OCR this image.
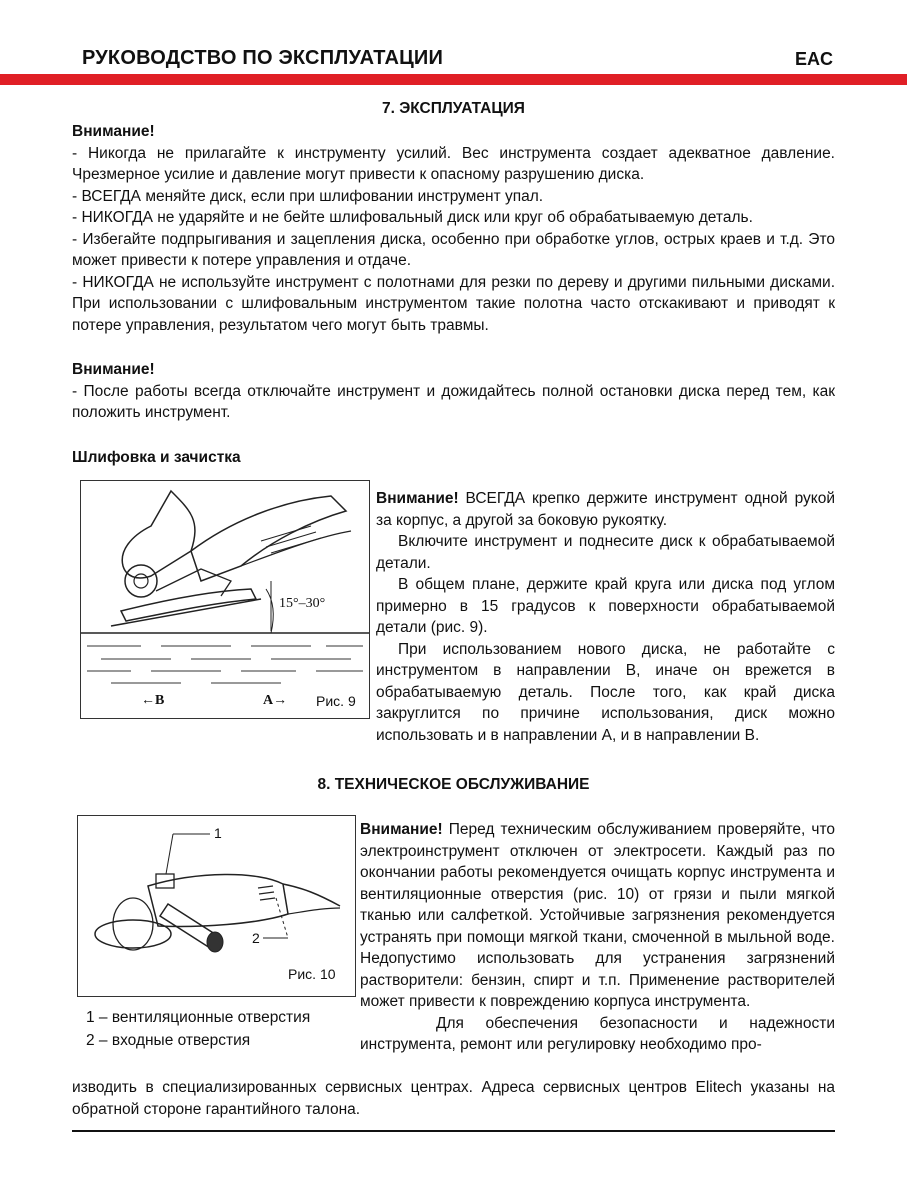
РУКОВОДСТВО ПО ЭКСПЛУАТАЦИИ	EAC
7. ЭКСПЛУАТАЦИЯ
Внимание!

- Никогда не прилагайте к инструменту усилий. Вес инструмента создает адекватное давление. Чрезмерное усилие и давление могут привести к опасному разрушению диска.

- ВСЕГДА меняйте диск, если при шлифовании инструмент упал.

- НИКОГДА не ударяйте и не бейте шлифовальный диск или круг об обрабатываемую деталь.

- Избегайте подпрыгивания и зацепления диска, особенно при обработке углов, острых краев и т.д. Это может привести к потере управления и отдаче.

- НИКОГДА не используйте инструмент с полотнами для резки по дереву и другими пильными дисками. При использовании с шлифовальным инструментом такие полотна часто отскакивают и приводят к потере управления, результатом чего могут быть травмы.

Внимание!

- После работы всегда отключайте инструмент и дожидайтесь полной остановки диска перед тем, как положить инструмент.

Шлифовка и зачистка
15°–30°
←B	A→ Рис. 9

Внимание! ВСЕГДА крепко держите инструмент одной рукой за корпус, а другой за боковую рукоятку.

Включите инструмент и поднесите диск к обрабатываемой детали.

В общем плане, держите край круга или диска под углом примерно в 15 градусов к поверхности обрабатываемой детали (рис. 9).

При использованием нового диска, не работайте с инструментом в направлении B, иначе он врежется в обрабатываемую деталь. После того, как край диска закруглится по причине использования, диск можно использовать и в направлении A, и в направлении B.

8. ТЕХНИЧЕСКОЕ ОБСЛУЖИВАНИЕ
1
2
Рис. 10
1 – вентиляционные отверстия
2 – входные отверстия

Внимание! Перед техническим обслуживанием проверяйте, что электроинструмент отключен от электросети. Каждый раз по окончании работы рекомендуется очищать корпус инструмента и вентиляционные отверстия (рис. 10) от грязи и пыли мягкой тканью или салфеткой. Устойчивые загрязнения рекомендуется устранять при помощи мягкой ткани, смоченной в мыльной воде. Недопустимо использовать для устранения загрязнений растворители: бензин, спирт и т.п. Применение растворителей может привести к повреждению корпуса инструмента.

Для обеспечения безопасности и надежности инструмента, ремонт или регулировку необходимо про-

изводить в специализированных сервисных центрах. Адреса сервисных центров Elitech указаны на обратной стороне гарантийного талона.
